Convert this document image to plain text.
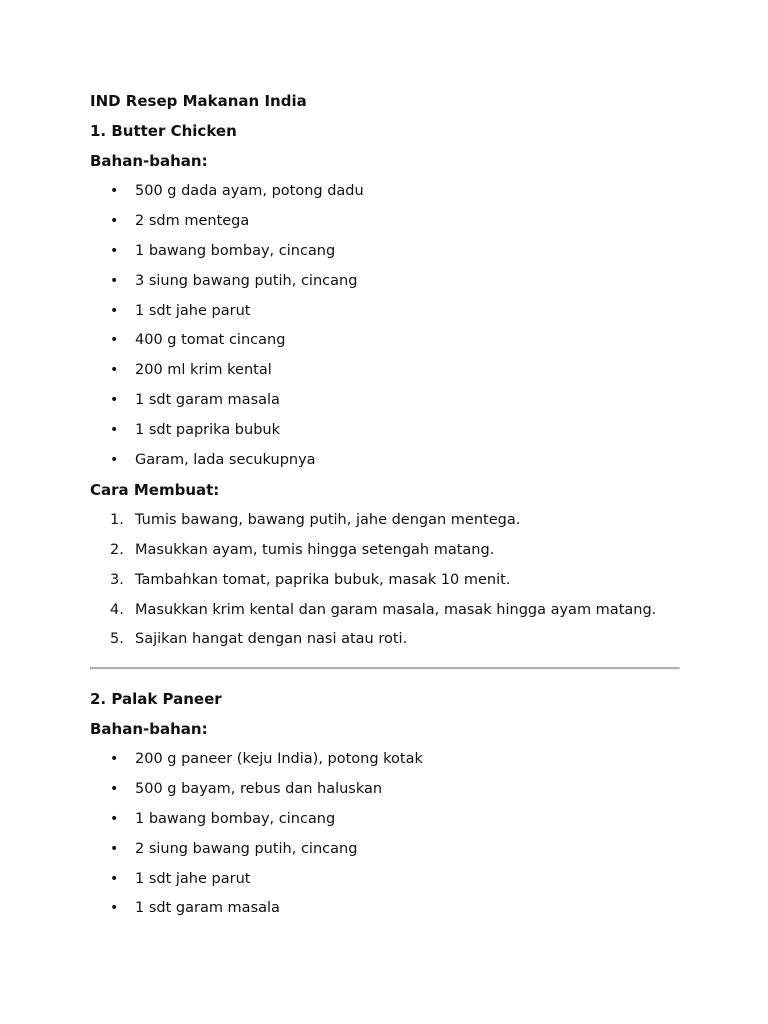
IND Resep Makanan India
1. Butter Chicken
Bahan-bahan:
• 500 g dada ayam, potong dadu
• 2 sdm mentega
• 1 bawang bombay, cincang
• 3 siung bawang putih, cincang
• 1 sdt jahe parut
• 400 g tomat cincang
• 200 ml krim kental
• 1 sdt garam masala
• 1 sdt paprika bubuk
• Garam, lada secukupnya
Cara Membuat:
1. Tumis bawang, bawang putih, jahe dengan mentega.
2. Masukkan ayam, tumis hingga setengah matang.
3. Tambahkan tomat, paprika bubuk, masak 10 menit.
4. Masukkan krim kental dan garam masala, masak hingga ayam matang.
5. Sajikan hangat dengan nasi atau roti.
2. Palak Paneer
Bahan-bahan:
• 200 g paneer (keju India), potong kotak
• 500 g bayam, rebus dan haluskan
• 1 bawang bombay, cincang
• 2 siung bawang putih, cincang
• 1 sdt jahe parut
• 1 sdt garam masala
